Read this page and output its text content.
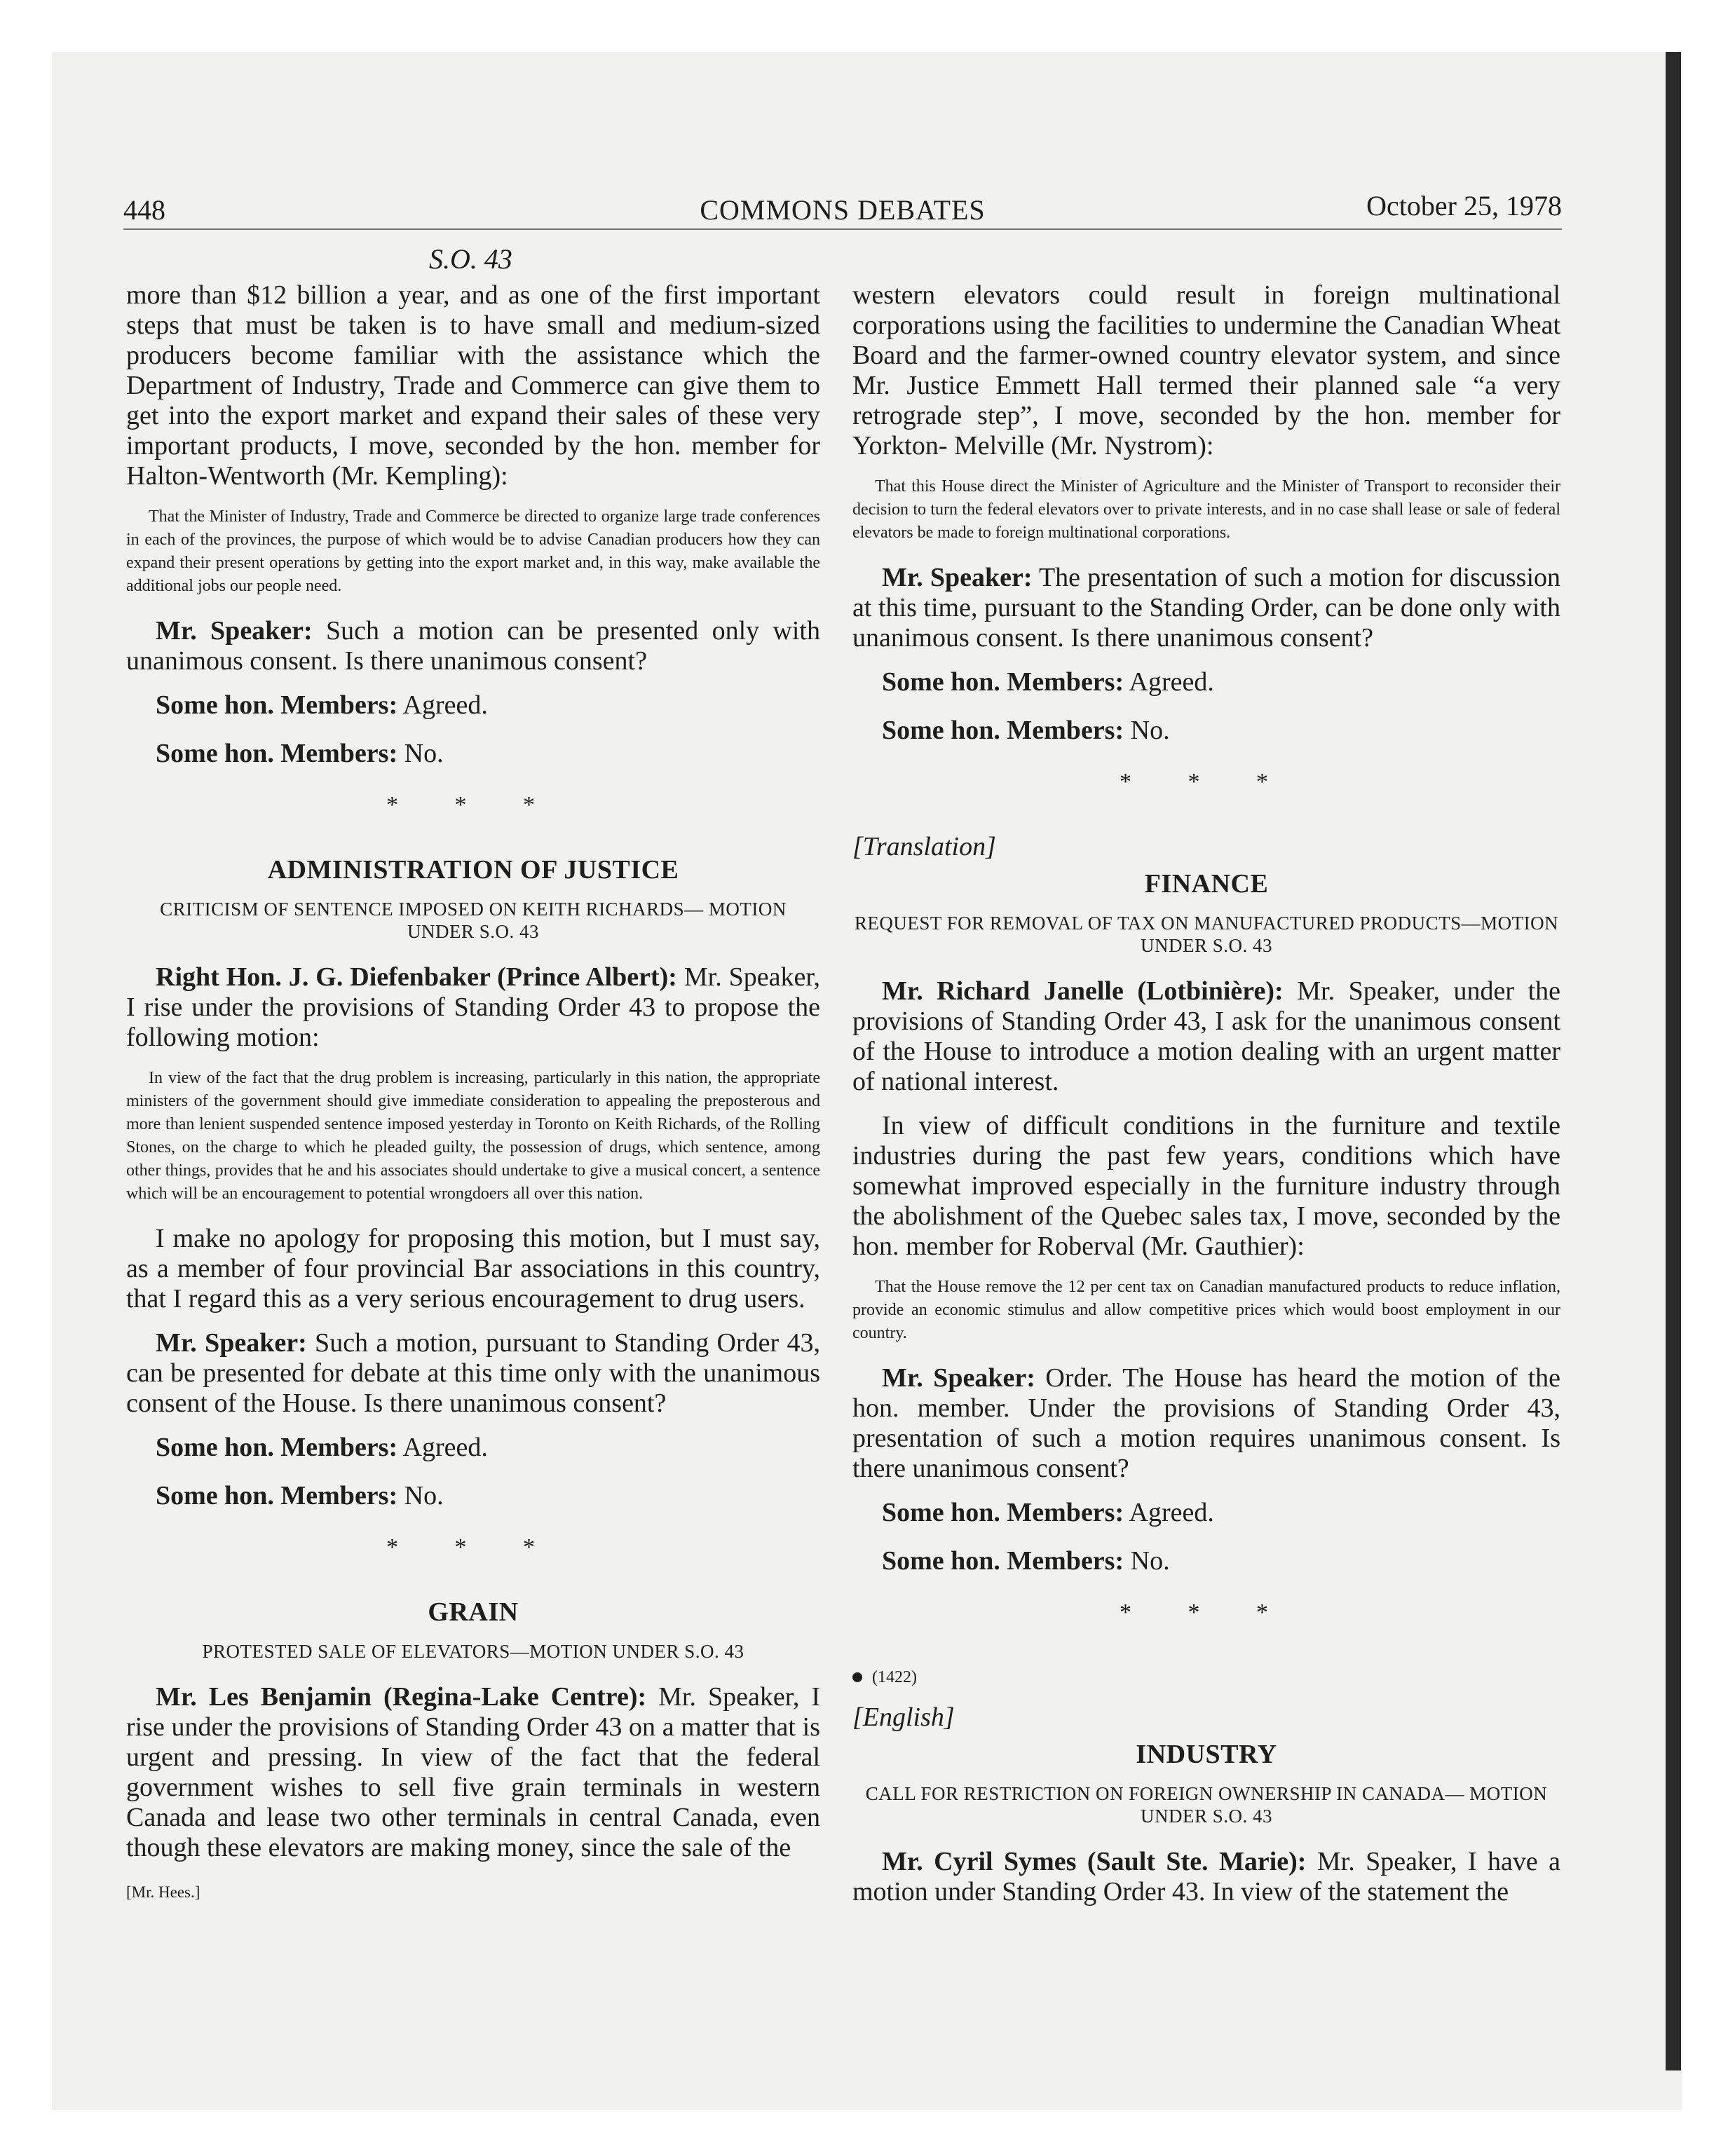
448	COMMONS DEBATES	October 25, 1978
S.O. 43

more than $12 billion a year, and as one of the first important steps that must be taken is to have small and medium-sized producers become familiar with the assistance which the Department of Industry, Trade and Commerce can give them to get into the export market and expand their sales of these very important products, I move, seconded by the hon. member for Halton-Wentworth (Mr. Kempling):

That the Minister of Industry, Trade and Commerce be directed to organize large trade conferences in each of the provinces, the purpose of which would be to advise Canadian producers how they can expand their present operations by getting into the export market and, in this way, make available the additional jobs our people need.

Mr. Speaker: Such a motion can be presented only with unanimous consent. Is there unanimous consent?

Some hon. Members: Agreed.

Some hon. Members: No.

* * *

ADMINISTRATION OF JUSTICE

CRITICISM OF SENTENCE IMPOSED ON KEITH RICHARDS— MOTION UNDER S.O. 43

Right Hon. J. G. Diefenbaker (Prince Albert): Mr. Speaker, I rise under the provisions of Standing Order 43 to propose the following motion:

In view of the fact that the drug problem is increasing, particularly in this nation, the appropriate ministers of the government should give immediate consideration to appealing the preposterous and more than lenient suspended sentence imposed yesterday in Toronto on Keith Richards, of the Rolling Stones, on the charge to which he pleaded guilty, the possession of drugs, which sentence, among other things, provides that he and his associates should undertake to give a musical concert, a sentence which will be an encouragement to potential wrongdoers all over this nation.

I make no apology for proposing this motion, but I must say, as a member of four provincial Bar associations in this country, that I regard this as a very serious encouragement to drug users.

Mr. Speaker: Such a motion, pursuant to Standing Order 43, can be presented for debate at this time only with the unanimous consent of the House. Is there unanimous consent?

Some hon. Members: Agreed.

Some hon. Members: No.

* * *

GRAIN

PROTESTED SALE OF ELEVATORS—MOTION UNDER S.O. 43

Mr. Les Benjamin (Regina-Lake Centre): Mr. Speaker, I rise under the provisions of Standing Order 43 on a matter that is urgent and pressing. In view of the fact that the federal government wishes to sell five grain terminals in western Canada and lease two other terminals in central Canada, even though these elevators are making money, since the sale of the

[Mr. Hees.]

western elevators could result in foreign multinational corporations using the facilities to undermine the Canadian Wheat Board and the farmer-owned country elevator system, and since Mr. Justice Emmett Hall termed their planned sale “a very retrograde step”, I move, seconded by the hon. member for Yorkton- Melville (Mr. Nystrom):

That this House direct the Minister of Agriculture and the Minister of Transport to reconsider their decision to turn the federal elevators over to private interests, and in no case shall lease or sale of federal elevators be made to foreign multinational corporations.

Mr. Speaker: The presentation of such a motion for discussion at this time, pursuant to the Standing Order, can be done only with unanimous consent. Is there unanimous consent?

Some hon. Members: Agreed.

Some hon. Members: No.

* * *

[Translation]

FINANCE

REQUEST FOR REMOVAL OF TAX ON MANUFACTURED PRODUCTS—MOTION UNDER S.O. 43

Mr. Richard Janelle (Lotbinière): Mr. Speaker, under the provisions of Standing Order 43, I ask for the unanimous consent of the House to introduce a motion dealing with an urgent matter of national interest.

In view of difficult conditions in the furniture and textile industries during the past few years, conditions which have somewhat improved especially in the furniture industry through the abolishment of the Quebec sales tax, I move, seconded by the hon. member for Roberval (Mr. Gauthier):

That the House remove the 12 per cent tax on Canadian manufactured products to reduce inflation, provide an economic stimulus and allow competitive prices which would boost employment in our country.

Mr. Speaker: Order. The House has heard the motion of the hon. member. Under the provisions of Standing Order 43, presentation of such a motion requires unanimous consent. Is there unanimous consent?

Some hon. Members: Agreed.

Some hon. Members: No.

* * *

(1422)

[English]

INDUSTRY

CALL FOR RESTRICTION ON FOREIGN OWNERSHIP IN CANADA— MOTION UNDER S.O. 43

Mr. Cyril Symes (Sault Ste. Marie): Mr. Speaker, I have a motion under Standing Order 43. In view of the statement the
